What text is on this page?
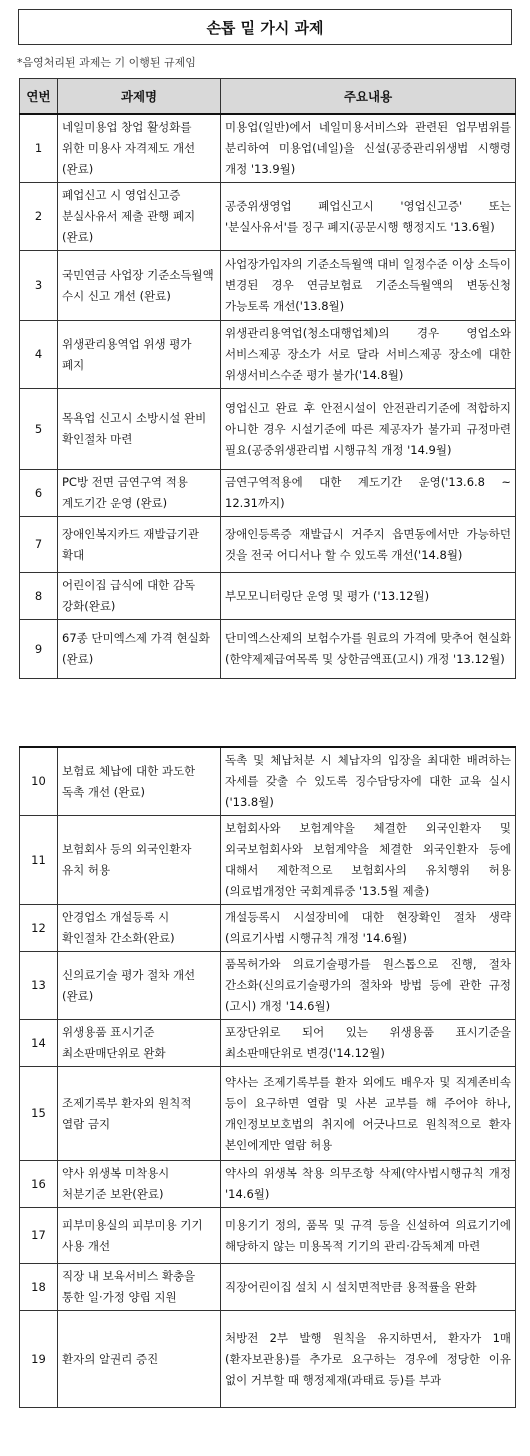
손톱 밑 가시 과제
*음영처리된 과제는 기 이행된 규제임
연번	과제명	주요내용
1	네일미용업 창업 활성화를 위한 미용사 자격제도 개선 (완료)	미용업(일반)에서 네일미용서비스와 관련된 업무범위를 분리하여 미용업(네일)을 신설(공중관리위생법 시행령 개정 '13.9월)
2	폐업신고 시 영업신고증 분실사유서 제출 관행 폐지 (완료)	공중위생영업 폐업신고시 '영업신고증' 또는 '분실사유서'를 징구 폐지(공문시행 행정지도 '13.6월)
3	국민연금 사업장 기준소득월액 수시 신고 개선 (완료)	사업장가입자의 기준소득월액 대비 일정수준 이상 소득이 변경된 경우 연금보험료 기준소득월액의 변동신청 가능토록 개선('13.8월)
4	위생관리용역업 위생 평가 폐지	위생관리용역업(청소대행업체)의 경우 영업소와 서비스제공 장소가 서로 달라 서비스제공 장소에 대한 위생서비스수준 평가 불가('14.8월)
5	목욕업 신고시 소방시설 완비 확인절차 마련	영업신고 완료 후 안전시설이 안전관리기준에 적합하지 아니한 경우 시설기준에 따른 제공자가 불가피 규정마련 필요(공중위생관리법 시행규칙 개정 '14.9월)
6	PC방 전면 금연구역 적용 계도기간 운영 (완료)	금연구역적용에 대한 계도기간 운영('13.6.8 ~ 12.31까지)
7	장애인복지카드 재발급기관 확대	장애인등록증 재발급시 거주지 읍면동에서만 가능하던 것을 전국 어디서나 할 수 있도록 개선('14.8월)
8	어린이집 급식에 대한 감독 강화(완료)	부모모니터링단 운영 및 평가 ('13.12월)
9	67종 단미엑스제 가격 현실화 (완료)	단미엑스산제의 보험수가를 원료의 가격에 맞추어 현실화(한약제제급여목록 및 상한금액표(고시) 개정 '13.12월)
10	보험료 체납에 대한 과도한 독촉 개선 (완료)	독촉 및 체납처분 시 체납자의 입장을 최대한 배려하는 자세를 갖출 수 있도록 징수담당자에 대한 교육 실시 ('13.8월)
11	보험회사 등의 외국인환자 유치 허용	보험회사와 보험계약을 체결한 외국인환자 및 외국보험회사와 보험계약을 체결한 외국인환자 등에 대해서 제한적으로 보험회사의 유치행위 허용(의료법개정안 국회계류중 '13.5월 제출)
12	안경업소 개설등록 시 확인절차 간소화(완료)	개설등록시 시설장비에 대한 현장확인 절차 생략(의료기사법 시행규칙 개정 '14.6월)
13	신의료기술 평가 절차 개선 (완료)	품목허가와 의료기술평가를 원스톱으로 진행, 절차 간소화(신의료기술평가의 절차와 방법 등에 관한 규정(고시) 개정 '14.6월)
14	위생용품 표시기준 최소판매단위로 완화	포장단위로 되어 있는 위생용품 표시기준을 최소판매단위로 변경('14.12월)
15	조제기록부 환자외 원칙적 열람 금지	약사는 조제기록부를 환자 외에도 배우자 및 직계존비속 등이 요구하면 열람 및 사본 교부를 해 주어야 하나, 개인정보보호법의 취지에 어긋나므로 원칙적으로 환자 본인에게만 열람 허용
16	약사 위생복 미착용시 처분기준 보완(완료)	약사의 위생복 착용 의무조항 삭제(약사법시행규칙 개정 '14.6월)
17	피부미용실의 피부미용 기기 사용 개선	미용기기 정의, 품목 및 규격 등을 신설하여 의료기기에 해당하지 않는 미용목적 기기의 관리·감독체계 마련
18	직장 내 보육서비스 확충을 통한 일·가정 양립 지원	직장어린이집 설치 시 설치면적만큼 용적률을 완화
19	환자의 알권리 증진	처방전 2부 발행 원칙을 유지하면서, 환자가 1매(환자보관용)를 추가로 요구하는 경우에 정당한 이유 없이 거부할 때 행정제재(과태료 등)를 부과
